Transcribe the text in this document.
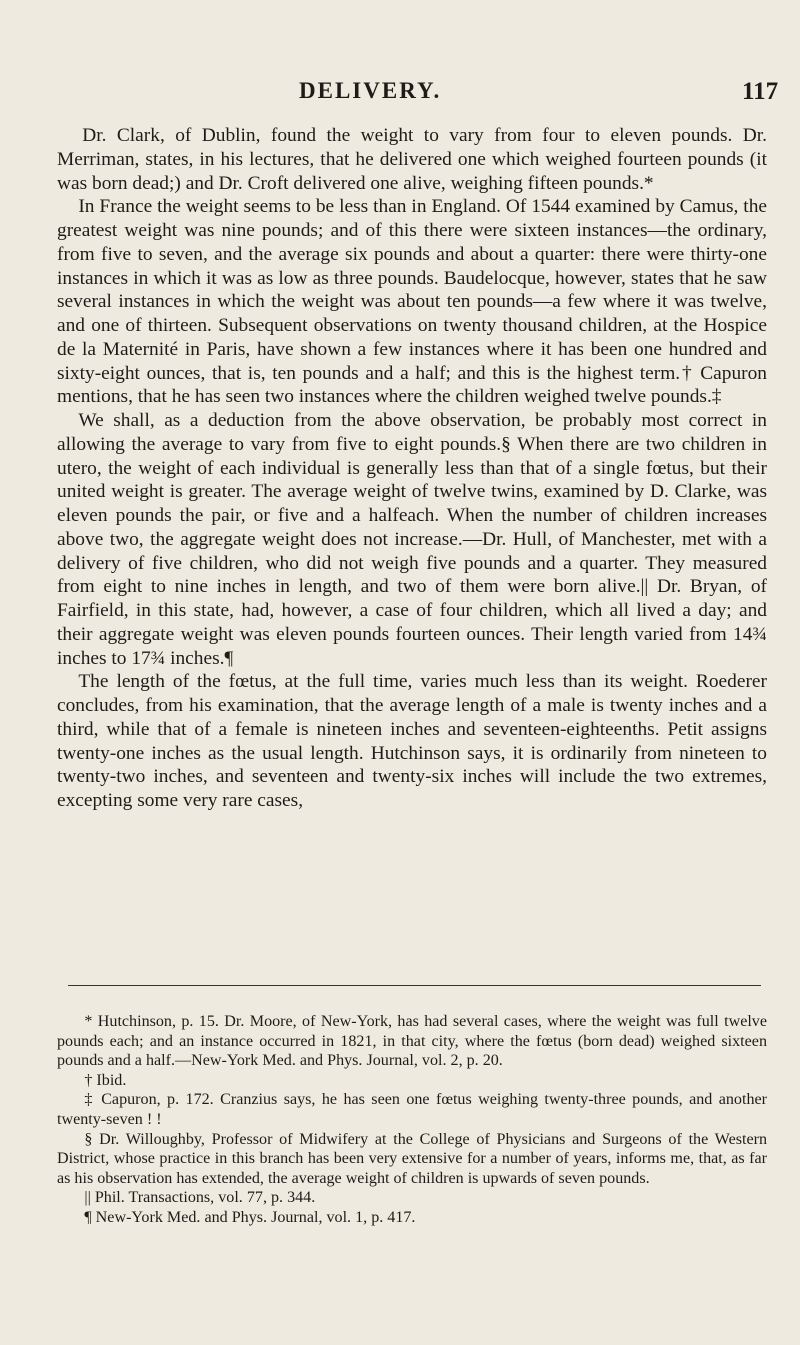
DELIVERY.	117

Dr. Clark, of Dublin, found the weight to vary from four to eleven pounds. Dr. Merriman, states, in his lectures, that he delivered one which weighed fourteen pounds (it was born dead;) and Dr. Croft delivered one alive, weighing fifteen pounds.*

In France the weight seems to be less than in England. Of 1544 examined by Camus, the greatest weight was nine pounds; and of this there were sixteen instances—the ordinary, from five to seven, and the average six pounds and about a quarter: there were thirty-one instances in which it was as low as three pounds. Baudelocque, however, states that he saw several instances in which the weight was about ten pounds—a few where it was twelve, and one of thirteen. Subsequent observations on twenty thousand children, at the Hospice de la Maternité in Paris, have shown a few instances where it has been one hundred and sixty-eight ounces, that is, ten pounds and a half; and this is the highest term.† Capuron mentions, that he has seen two instances where the children weighed twelve pounds.‡

We shall, as a deduction from the above observation, be probably most correct in allowing the average to vary from five to eight pounds.§ When there are two children in utero, the weight of each individual is generally less than that of a single fœtus, but their united weight is greater. The average weight of twelve twins, examined by D. Clarke, was eleven pounds the pair, or five and a halfeach. When the number of children increases above two, the aggregate weight does not increase.—Dr. Hull, of Manchester, met with a delivery of five children, who did not weigh five pounds and a quarter. They measured from eight to nine inches in length, and two of them were born alive.|| Dr. Bryan, of Fairfield, in this state, had, however, a case of four children, which all lived a day; and their aggregate weight was eleven pounds fourteen ounces. Their length varied from 14¾ inches to 17¾ inches.¶

The length of the fœtus, at the full time, varies much less than its weight. Roederer concludes, from his examination, that the average length of a male is twenty inches and a third, while that of a female is nineteen inches and seventeen-eighteenths. Petit assigns twenty-one inches as the usual length. Hutchinson says, it is ordinarily from nineteen to twenty-two inches, and seventeen and twenty-six inches will include the two extremes, excepting some very rare cases,

* Hutchinson, p. 15. Dr. Moore, of New-York, has had several cases, where the weight was full twelve pounds each; and an instance occurred in 1821, in that city, where the fœtus (born dead) weighed sixteen pounds and a half.—New-York Med. and Phys. Journal, vol. 2, p. 20.

† Ibid.

‡ Capuron, p. 172. Cranzius says, he has seen one fœtus weighing twenty-three pounds, and another twenty-seven ! !

§ Dr. Willoughby, Professor of Midwifery at the College of Physicians and Surgeons of the Western District, whose practice in this branch has been very extensive for a number of years, informs me, that, as far as his observation has extended, the average weight of children is upwards of seven pounds.

|| Phil. Transactions, vol. 77, p. 344.

¶ New-York Med. and Phys. Journal, vol. 1, p. 417.
